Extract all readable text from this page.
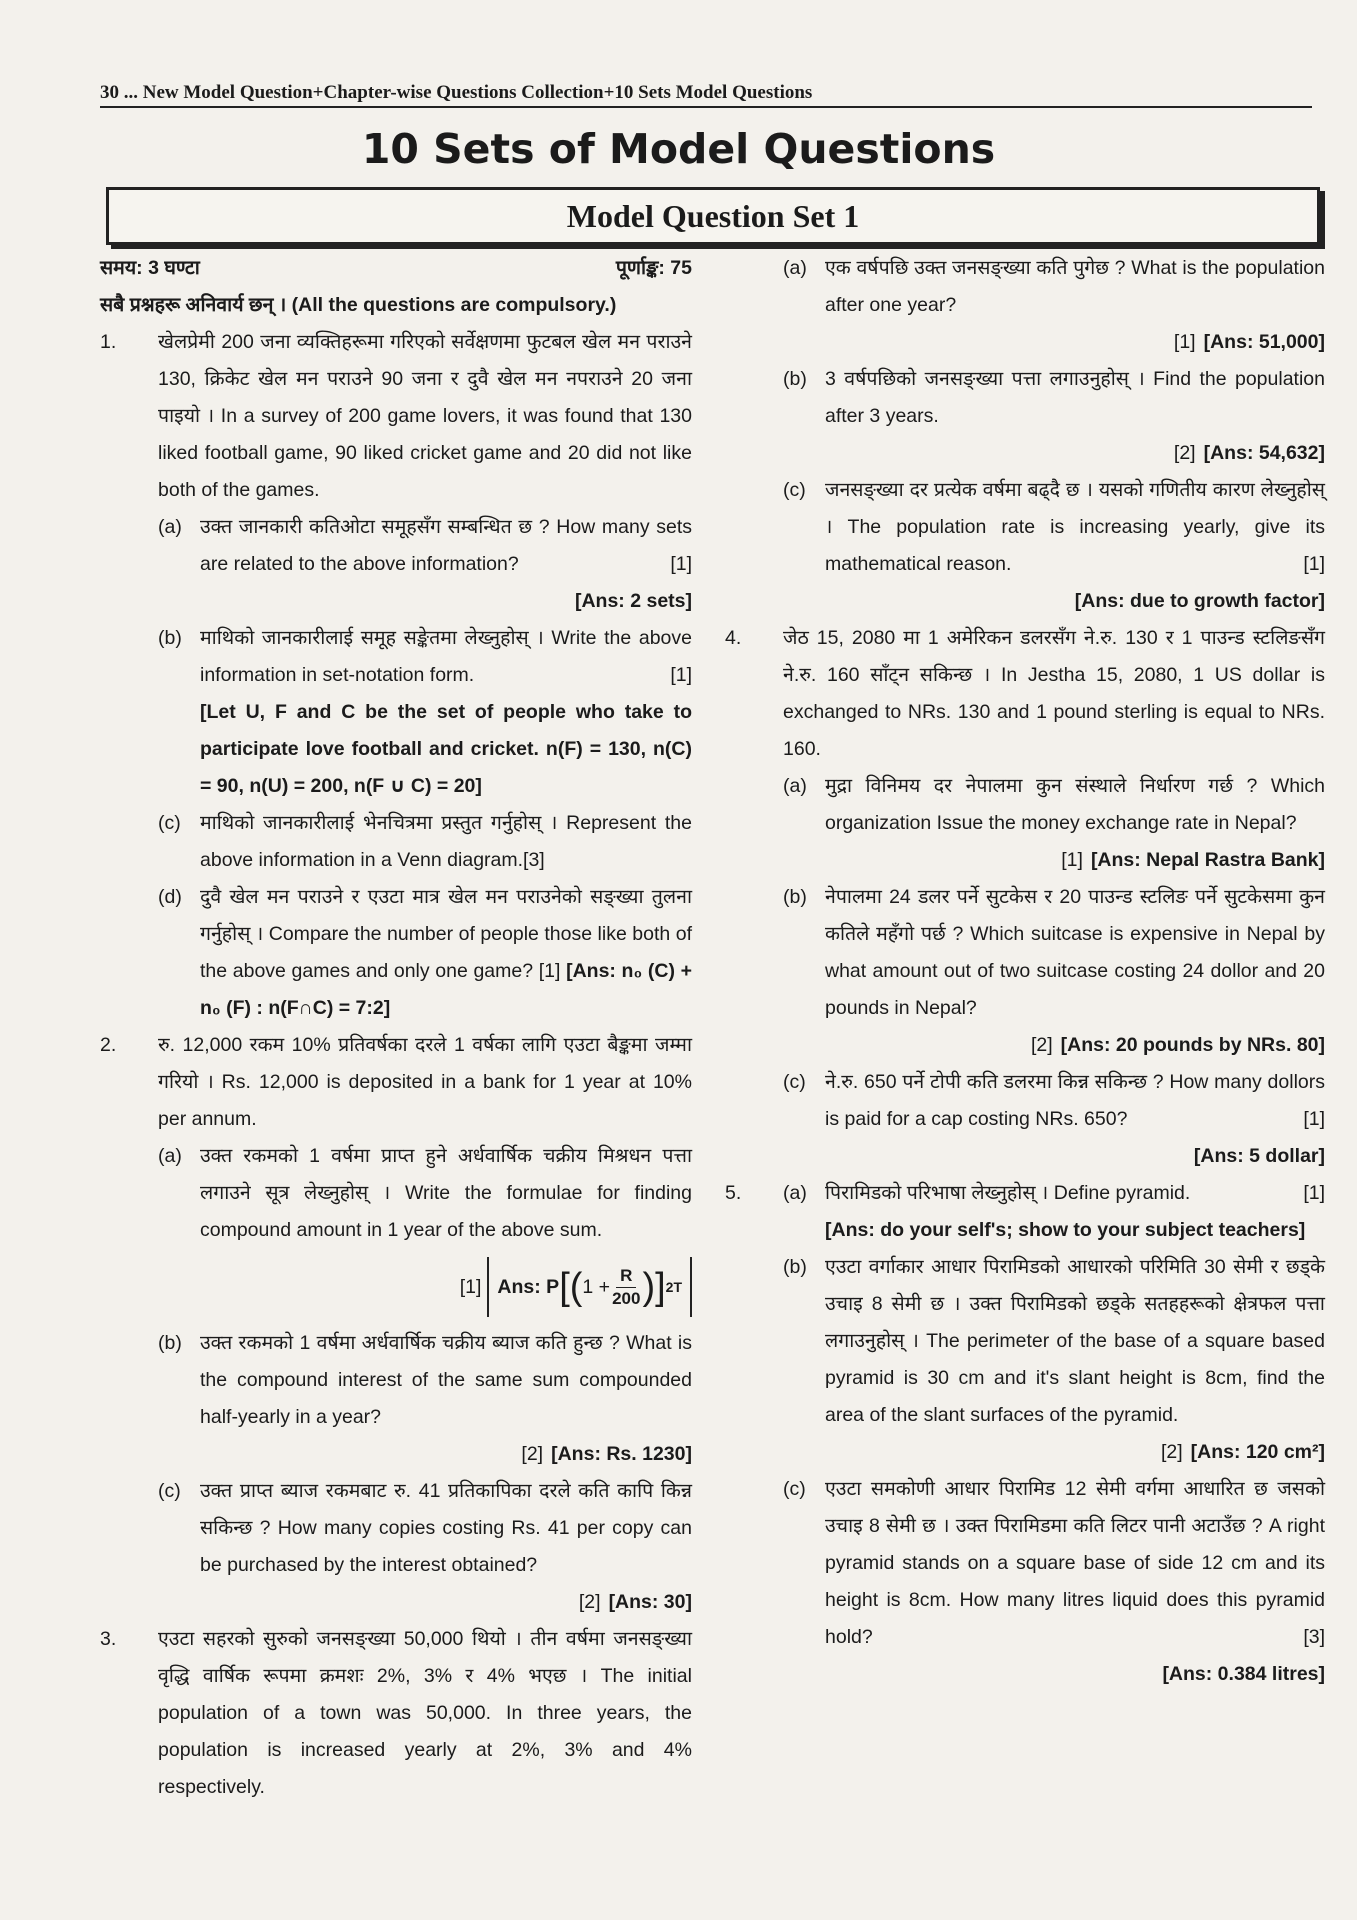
30 ... New Model Question+Chapter-wise Questions Collection+10 Sets Model Questions
10 Sets of Model Questions
Model Question Set 1
समय: 3 घण्टा	पूर्णाङ्क: 75
सबै प्रश्नहरू अनिवार्य छन् । (All the questions are compulsory.)
1.	खेलप्रेमी 200 जना व्यक्तिहरूमा गरिएको सर्वेक्षणमा फुटबल खेल मन पराउने 130, क्रिकेट खेल मन पराउने 90 जना र दुवै खेल मन नपराउने 20 जना पाइयो । In a survey of 200 game lovers, it was found that 130 liked football game, 90 liked cricket game and 20 did not like both of the games.
(a) उक्त जानकारी कतिओटा समूहसँग सम्बन्धित छ ? How many sets are related to the above information?	[1]
[Ans: 2 sets]
(b) माथिको जानकारीलाई समूह सङ्केतमा लेख्नुहोस् । Write the above information in set-notation form.	[1]
[Let U, F and C be the set of people who take to participate love football and cricket. n(F) = 130, n(C) = 90, n(U) = 200, n(F ∪ C) = 20]
(c) माथिको जानकारीलाई भेनचित्रमा प्रस्तुत गर्नुहोस् । Represent the above information in a Venn diagram.[3]
(d) दुवै खेल मन पराउने र एउटा मात्र खेल मन पराउनेको सङ्ख्या तुलना गर्नुहोस् । Compare the number of people those like both of the above games and only one game? [1] [Ans: n₀ (C) + n₀ (F) : n(F∩C) = 7:2]
2.	रु. 12,000 रकम 10% प्रतिवर्षका दरले 1 वर्षका लागि एउटा बैङ्कमा जम्मा गरियो । Rs. 12,000 is deposited in a bank for 1 year at 10% per annum.
(a) उक्त रकमको 1 वर्षमा प्राप्त हुने अर्धवार्षिक चक्रीय मिश्रधन पत्ता लगाउने सूत्र लेख्नुहोस् । Write the formulae for finding compound amount in 1 year of the above sum.
[1] Ans: P [ ( $1 + \frac{R}{200}$ ) ] 2T
(b) उक्त रकमको 1 वर्षमा अर्धवार्षिक चक्रीय ब्याज कति हुन्छ ? What is the compound interest of the same sum compounded half-yearly in a year?
[2] [Ans: Rs. 1230]
(c) उक्त प्राप्त ब्याज रकमबाट रु. 41 प्रतिकापिका दरले कति कापि किन्न सकिन्छ ? How many copies costing Rs. 41 per copy can be purchased by the interest obtained?
[2] [Ans: 30]
3.	एउटा सहरको सुरुको जनसङ्ख्या 50,000 थियो । तीन वर्षमा जनसङ्ख्या वृद्धि वार्षिक रूपमा क्रमशः 2%, 3% र 4% भएछ । The initial population of a town was 50,000. In three years, the population is increased yearly at 2%, 3% and 4% respectively.
(a) एक वर्षपछि उक्त जनसङ्ख्या कति पुगेछ ? What is the population after one year?
[1] [Ans: 51,000]
(b) 3 वर्षपछिको जनसङ्ख्या पत्ता लगाउनुहोस् । Find the population after 3 years.
[2] [Ans: 54,632]
(c) जनसङ्ख्या दर प्रत्येक वर्षमा बढ्दै छ । यसको गणितीय कारण लेख्नुहोस् । The population rate is increasing yearly, give its mathematical reason.	[1]
[Ans: due to growth factor]
4.	जेठ 15, 2080 मा 1 अमेरिकन डलरसँग ने.रु. 130 र 1 पाउन्ड स्टलिङसँग ने.रु. 160 साँट्न सकिन्छ । In Jestha 15, 2080, 1 US dollar is exchanged to NRs. 130 and 1 pound sterling is equal to NRs. 160.
(a) मुद्रा विनिमय दर नेपालमा कुन संस्थाले निर्धारण गर्छ ? Which organization Issue the money exchange rate in Nepal?
[1] [Ans: Nepal Rastra Bank]
(b) नेपालमा 24 डलर पर्ने सुटकेस र 20 पाउन्ड स्टलिङ पर्ने सुटकेसमा कुन कतिले महँगो पर्छ ? Which suitcase is expensive in Nepal by what amount out of two suitcase costing 24 dollor and 20 pounds in Nepal?
[2] [Ans: 20 pounds by NRs. 80]
(c) ने.रु. 650 पर्ने टोपी कति डलरमा किन्न सकिन्छ ? How many dollors is paid for a cap costing NRs. 650?	[1]
[Ans: 5 dollar]
5.	(a) पिरामिडको परिभाषा लेख्नुहोस् । Define pyramid.	[1]
[Ans: do your self's; show to your subject teachers]
(b) एउटा वर्गाकार आधार पिरामिडको आधारको परिमिति 30 सेमी र छड्के उचाइ 8 सेमी छ । उक्त पिरामिडको छड्के सतहहरूको क्षेत्रफल पत्ता लगाउनुहोस् । The perimeter of the base of a square based pyramid is 30 cm and it's slant height is 8cm, find the area of the slant surfaces of the pyramid.
[2] [Ans: 120 cm²]
(c) एउटा समकोणी आधार पिरामिड 12 सेमी वर्गमा आधारित छ जसको उचाइ 8 सेमी छ । उक्त पिरामिडमा कति लिटर पानी अटाउँछ ? A right pyramid stands on a square base of side 12 cm and its height is 8cm. How many litres liquid does this pyramid hold?	[3]
[Ans: 0.384 litres]
